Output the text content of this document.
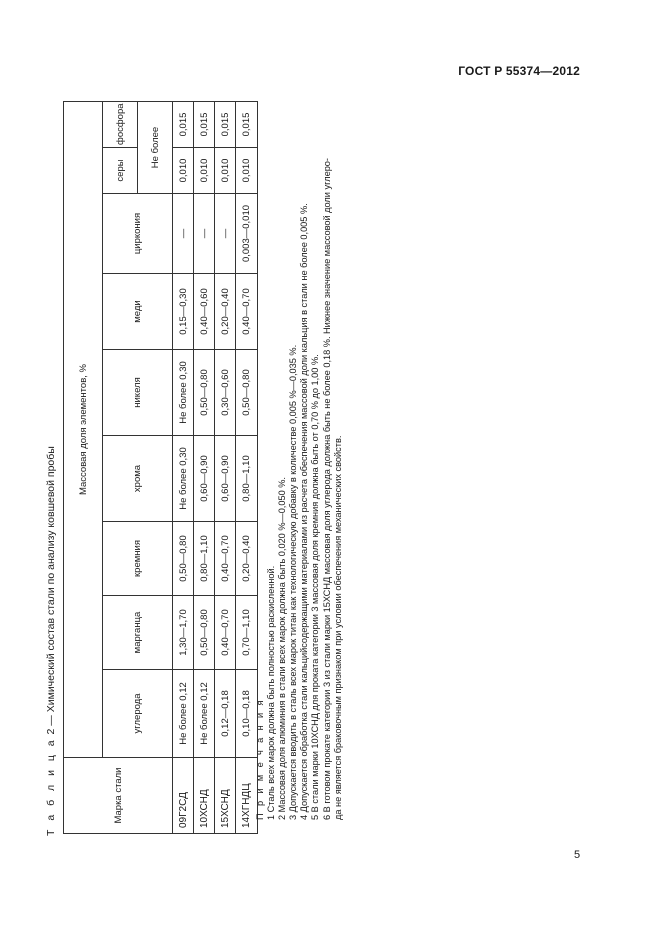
ГОСТ Р 55374—2012
Т а б л и ц а 2 — Химический состав стали по анализу ковшевой пробы
Марка стали	Массовая доля элементов, %								
	углерода	марганца	кремния	хрома	никеля	меди	циркония	серы	фосфора
								Не более	
09Г2СД	Не более 0,12	1,30—1,70	0,50—0,80	Не более 0,30	Не более 0,30	0,15—0,30	—	0,010	0,015
10ХСНД	Не более 0,12	0,50—0,80	0,80—1,10	0,60—0,90	0,50—0,80	0,40—0,60	—	0,010	0,015
15ХСНД	0,12—0,18	0,40—0,70	0,40—0,70	0,60—0,90	0,30—0,60	0,20—0,40	—	0,010	0,015
14ХГНДЦ	0,10—0,18	0,70—1,10	0,20—0,40	0,80—1,10	0,50—0,80	0,40—0,70	0,003—0,010	0,010	0,015
П р и м е ч а н и я 1 Сталь всех марок должна быть полностью раскисленной. 2 Массовая доля алюминия в стали всех марок должна быть 0,020 %—0,050 %. 3 Допускается вводить в сталь всех марок титан как технологическую добавку в количестве 0,005 %—0,035 %. 4 Допускается обработка стали кальцийсодержащими материалами из расчета обеспечения массовой доли кальция в стали не более 0,005 %. 5 В стали марки 10ХСНД для проката категории 3 массовая доля кремния должна быть от 0,70 % до 1,00 %. 6 В готовом прокате категории 3 из стали марки 15ХСНД массовая доля углерода должна быть не более 0,18 %. Нижнее значение массовой доли углеро- да не является браковочным признаком при условии обеспечения механических свойств.
5
